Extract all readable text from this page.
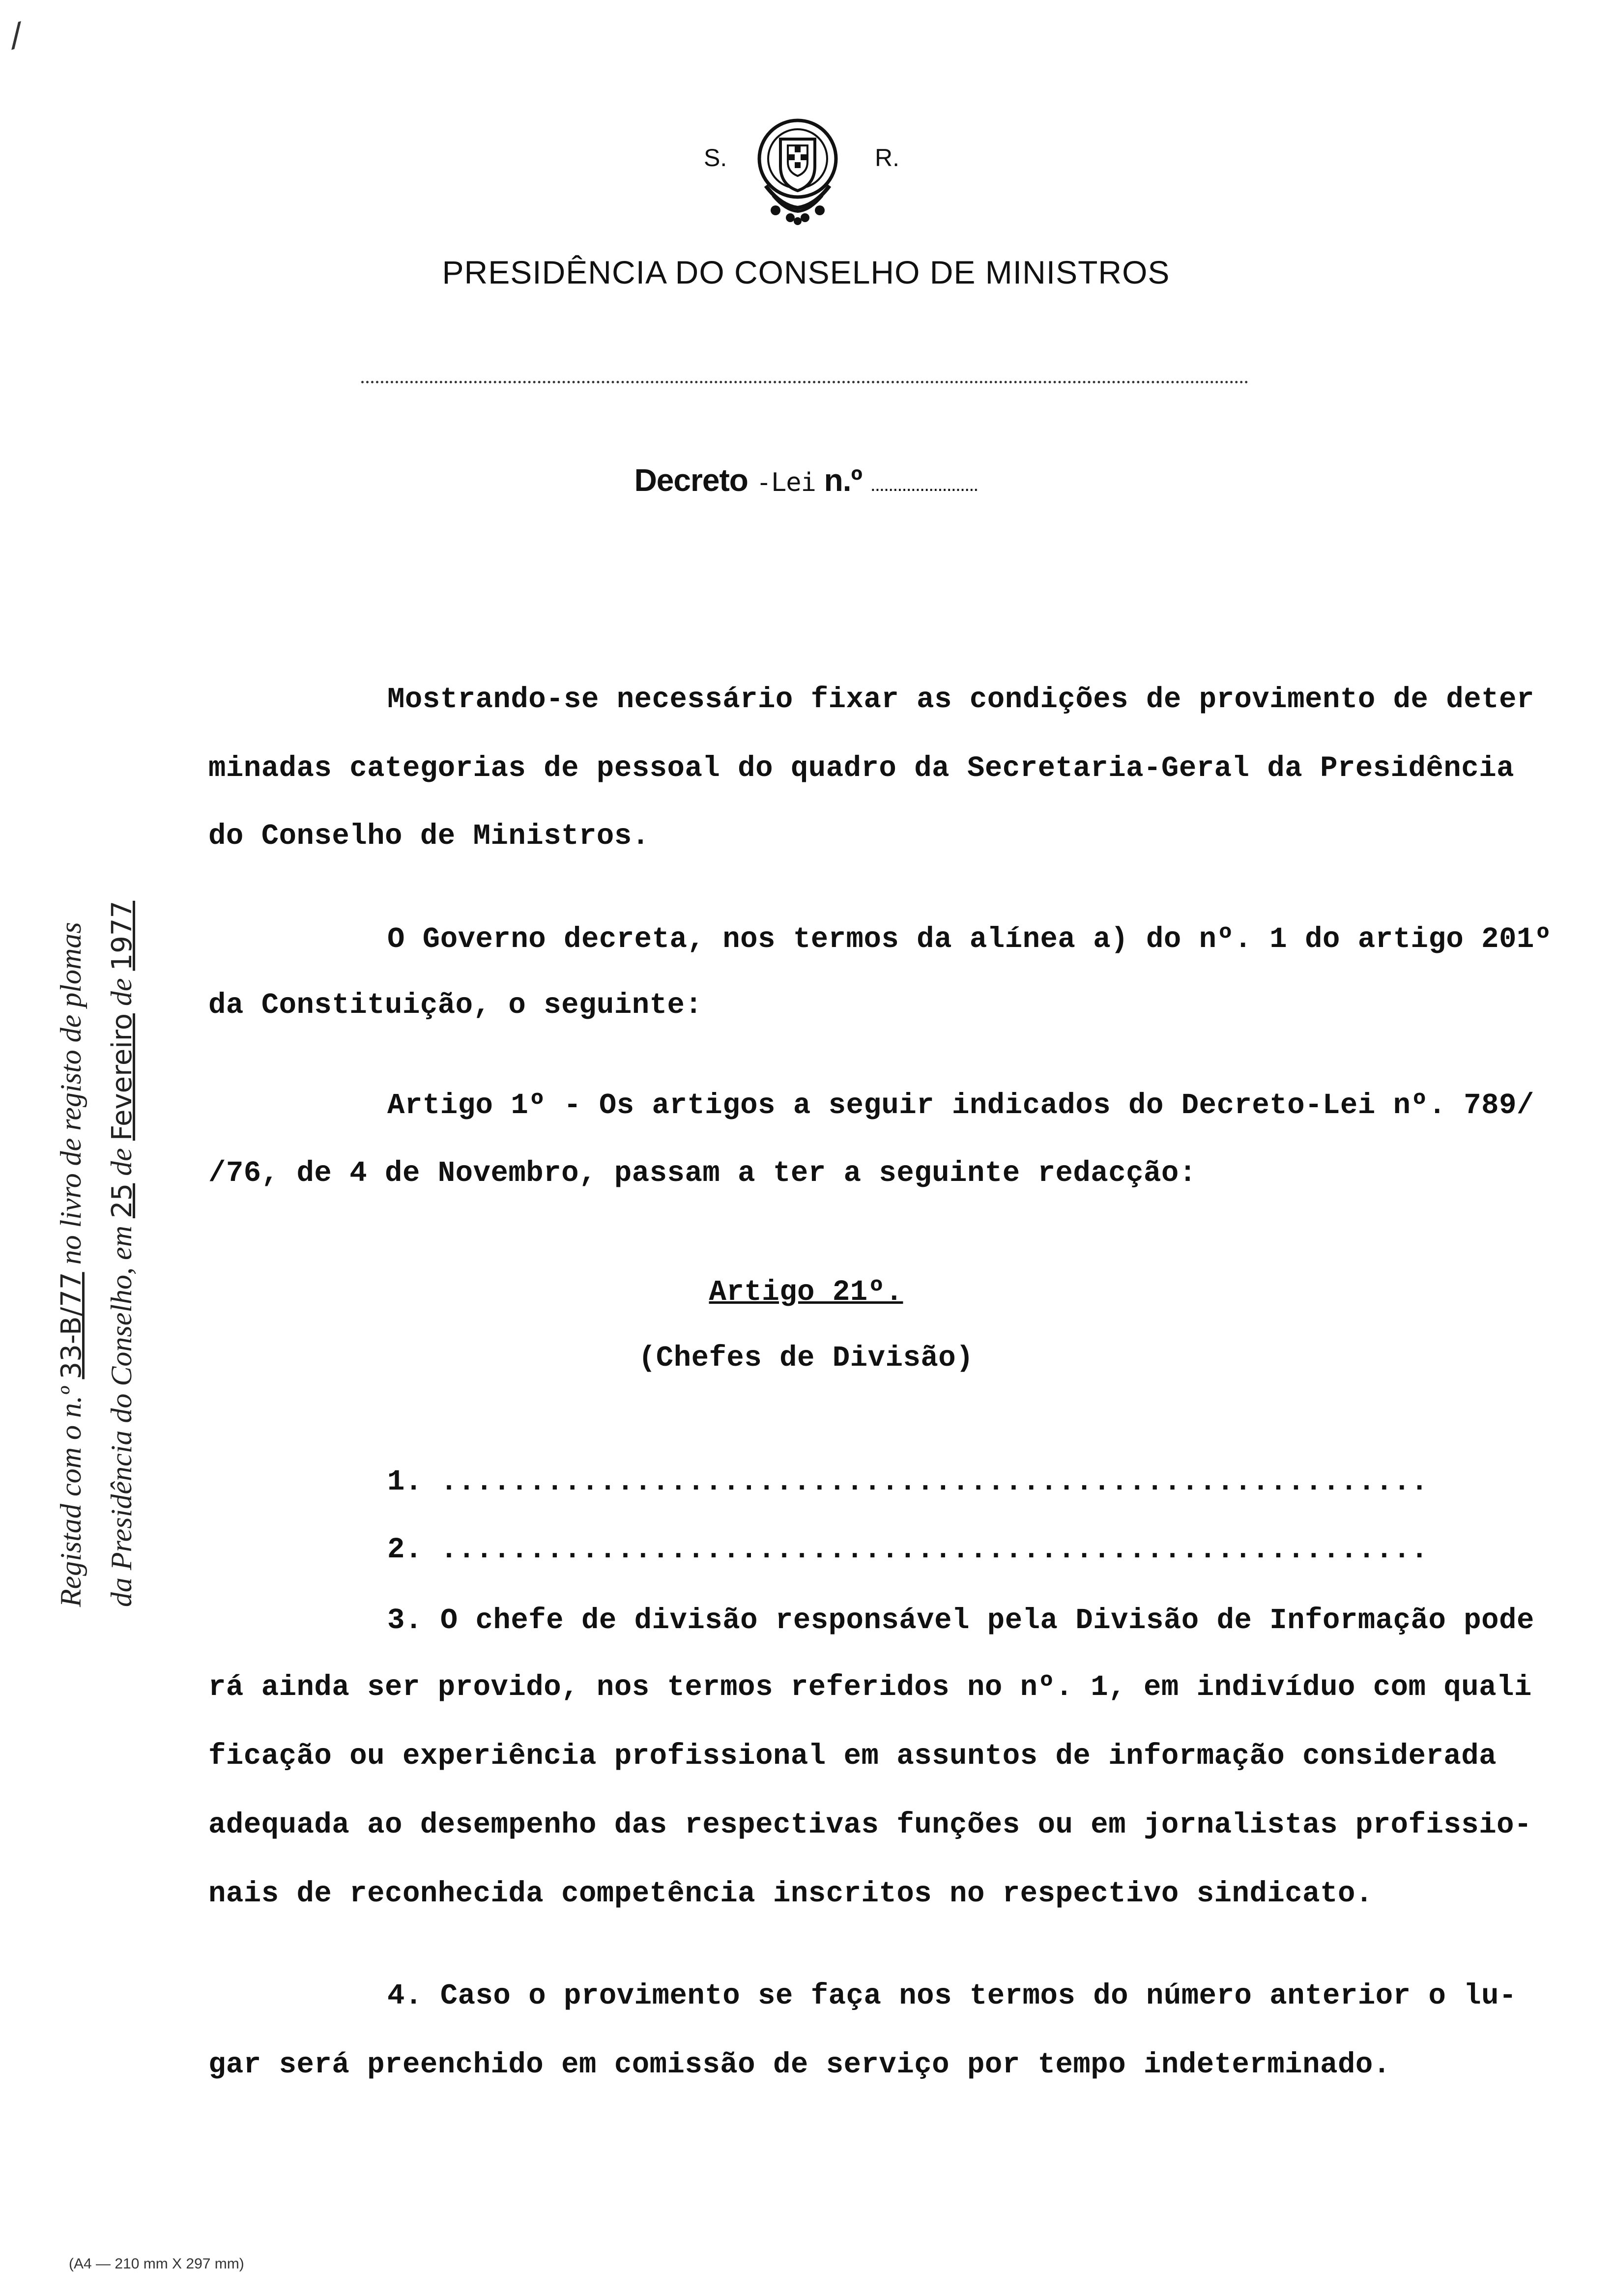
/
S.	R.
PRESIDÊNCIA DO CONSELHO DE MINISTROS
Decreto -Lei n.º ........................
Mostrando-se necessário fixar as condições de provimento de deter
minadas categorias de pessoal do quadro da Secretaria-Geral da Presidência
do Conselho de Ministros.
O Governo decreta, nos termos da alínea a) do nº. 1 do artigo 201º
da Constituição, o seguinte:
Artigo 1º - Os artigos a seguir indicados do Decreto-Lei nº. 789/
/76, de 4 de Novembro, passam a ter a seguinte redacção:
Artigo 21º.
(Chefes de Divisão)
1. ........................................................
2. ........................................................
3. O chefe de divisão responsável pela Divisão de Informação pode
rá ainda ser provido, nos termos referidos no nº. 1, em indivíduo com quali
ficação ou experiência profissional em assuntos de informação considerada
adequada ao desempenho das respectivas funções ou em jornalistas profissio-
nais de reconhecida competência inscritos no respectivo sindicato.
4. Caso o provimento se faça nos termos do número anterior o lu-
gar será preenchido em comissão de serviço por tempo indeterminado.
Registad com o n.º 33-B/77 no livro de registo de plomas
da Presidência do Conselho, em 25 de Fevereiro de 1977
(A4 — 210 mm X 297 mm)
